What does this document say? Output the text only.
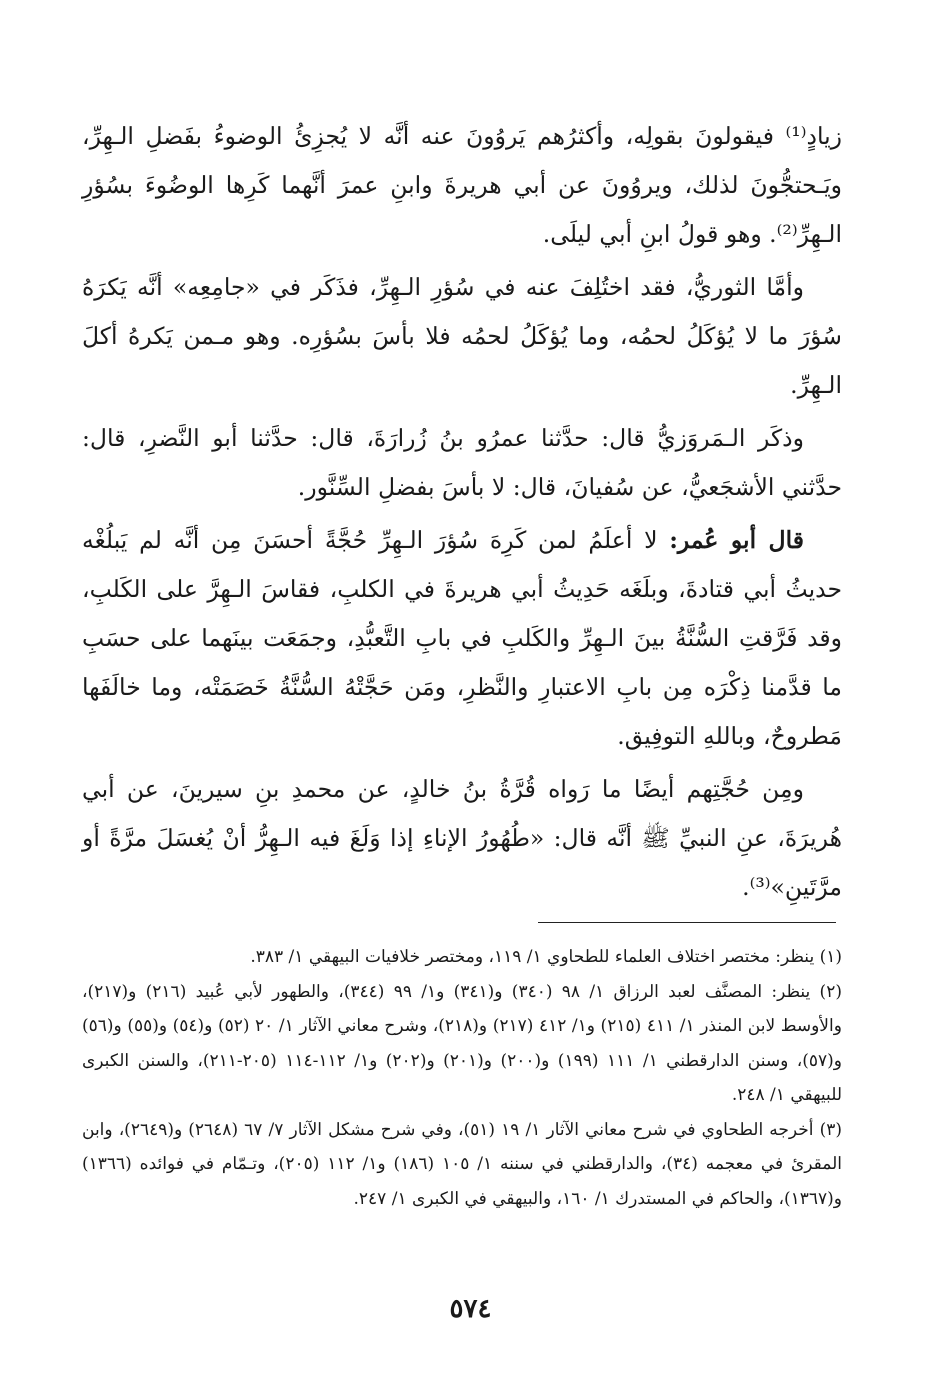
زيادٍ⁽¹⁾ فيقولونَ بقولِه، وأكثرُهم يَروُونَ عنه أنَّه لا يُجزِئُ الوضوءُ بفَضلِ الـهِرِّ، ويَـحتجُّونَ لذلك، ويروُونَ عن أبي هريرةَ وابنِ عمرَ أنَّهما كَرِها الوضُوءَ بسُؤرِ الـهِرِّ⁽²⁾. وهو قولُ ابنِ أبي ليلَى.

وأمَّا الثوريُّ، فقد اختُلِفَ عنه في سُؤرِ الـهِرِّ، فذَكَر في «جامِعِه» أنَّه يَكرَهُ سُؤرَ ما لا يُؤكَلُ لحمُه، وما يُؤكَلُ لحمُه فلا بأسَ بسُؤرِه. وهو مـمن يَكرهُ أكلَ الـهِرِّ.

وذكَر الـمَروَزيُّ قال: حدَّثنا عمرُو بنُ زُرارَةَ، قال: حدَّثنا أبو النَّضرِ، قال: حدَّثني الأشجَعيُّ، عن سُفيانَ، قال: لا بأسَ بفضلِ السِّنَّور.

قال أبو عُمر: لا أعلَمُ لمن كَرِهَ سُؤرَ الـهِرِّ حُجَّةً أحسَنَ مِن أنَّه لم يَبلُغْه حديثُ أبي قتادةَ، وبلَغَه حَدِيثُ أبي هريرةَ في الكلبِ، فقاسَ الـهِرَّ على الكَلبِ، وقد فَرَّقتِ السُّنَّةُ بينَ الـهِرِّ والكَلبِ في بابِ التَّعبُّدِ، وجمَعَت بينَهما على حسَبِ ما قدَّمنا ذِكْرَه مِن بابِ الاعتبارِ والنَّظرِ، ومَن حَجَّتْهُ السُّنَّةُ خَصَمَتْه، وما خالَفَها مَطروحٌ، وباللهِ التوفِيق.

ومِن حُجَّتِهم أيضًا ما رَواه قُرَّةُ بنُ خالدٍ، عن محمدِ بنِ سيرينَ، عن أبي هُريرَةَ، عنِ النبيِّ ﷺ أنَّه قال: «طُهُورُ الإناءِ إذا وَلَغَ فيه الـهِرُّ أنْ يُغسَلَ مرَّةً أو مرَّتَينِ»⁽³⁾.

(١) ينظر: مختصر اختلاف العلماء للطحاوي ١/ ١١٩، ومختصر خلافيات البيهقي ١/ ٣٨٣.

(٢) ينظر: المصنَّف لعبد الرزاق ١/ ٩٨ (٣٤٠) و(٣٤١) و١/ ٩٩ (٣٤٤)، والطهور لأبي عُبيد (٢١٦) و(٢١٧)، والأوسط لابن المنذر ١/ ٤١١ (٢١٥) و١/ ٤١٢ (٢١٧) و(٢١٨)، وشرح معاني الآثار ١/ ٢٠ (٥٢) و(٥٤) و(٥٥) و(٥٦) و(٥٧)، وسنن الدارقطني ١/ ١١١ (١٩٩) و(٢٠٠) و(٢٠١) و(٢٠٢) و١/ ١١٢-١١٤ (٢٠٥-٢١١)، والسنن الكبرى للبيهقي ١/ ٢٤٨.

(٣) أخرجه الطحاوي في شرح معاني الآثار ١/ ١٩ (٥١)، وفي شرح مشكل الآثار ٧/ ٦٧ (٢٦٤٨) و(٢٦٤٩)، وابن المقرئ في معجمه (٣٤)، والدارقطني في سننه ١/ ١٠٥ (١٨٦) و١/ ١١٢ (٢٠٥)، وتـمّام في فوائده (١٣٦٦) و(١٣٦٧)، والحاكم في المستدرك ١/ ١٦٠، والبيهقي في الكبرى ١/ ٢٤٧.

٥٧٤
